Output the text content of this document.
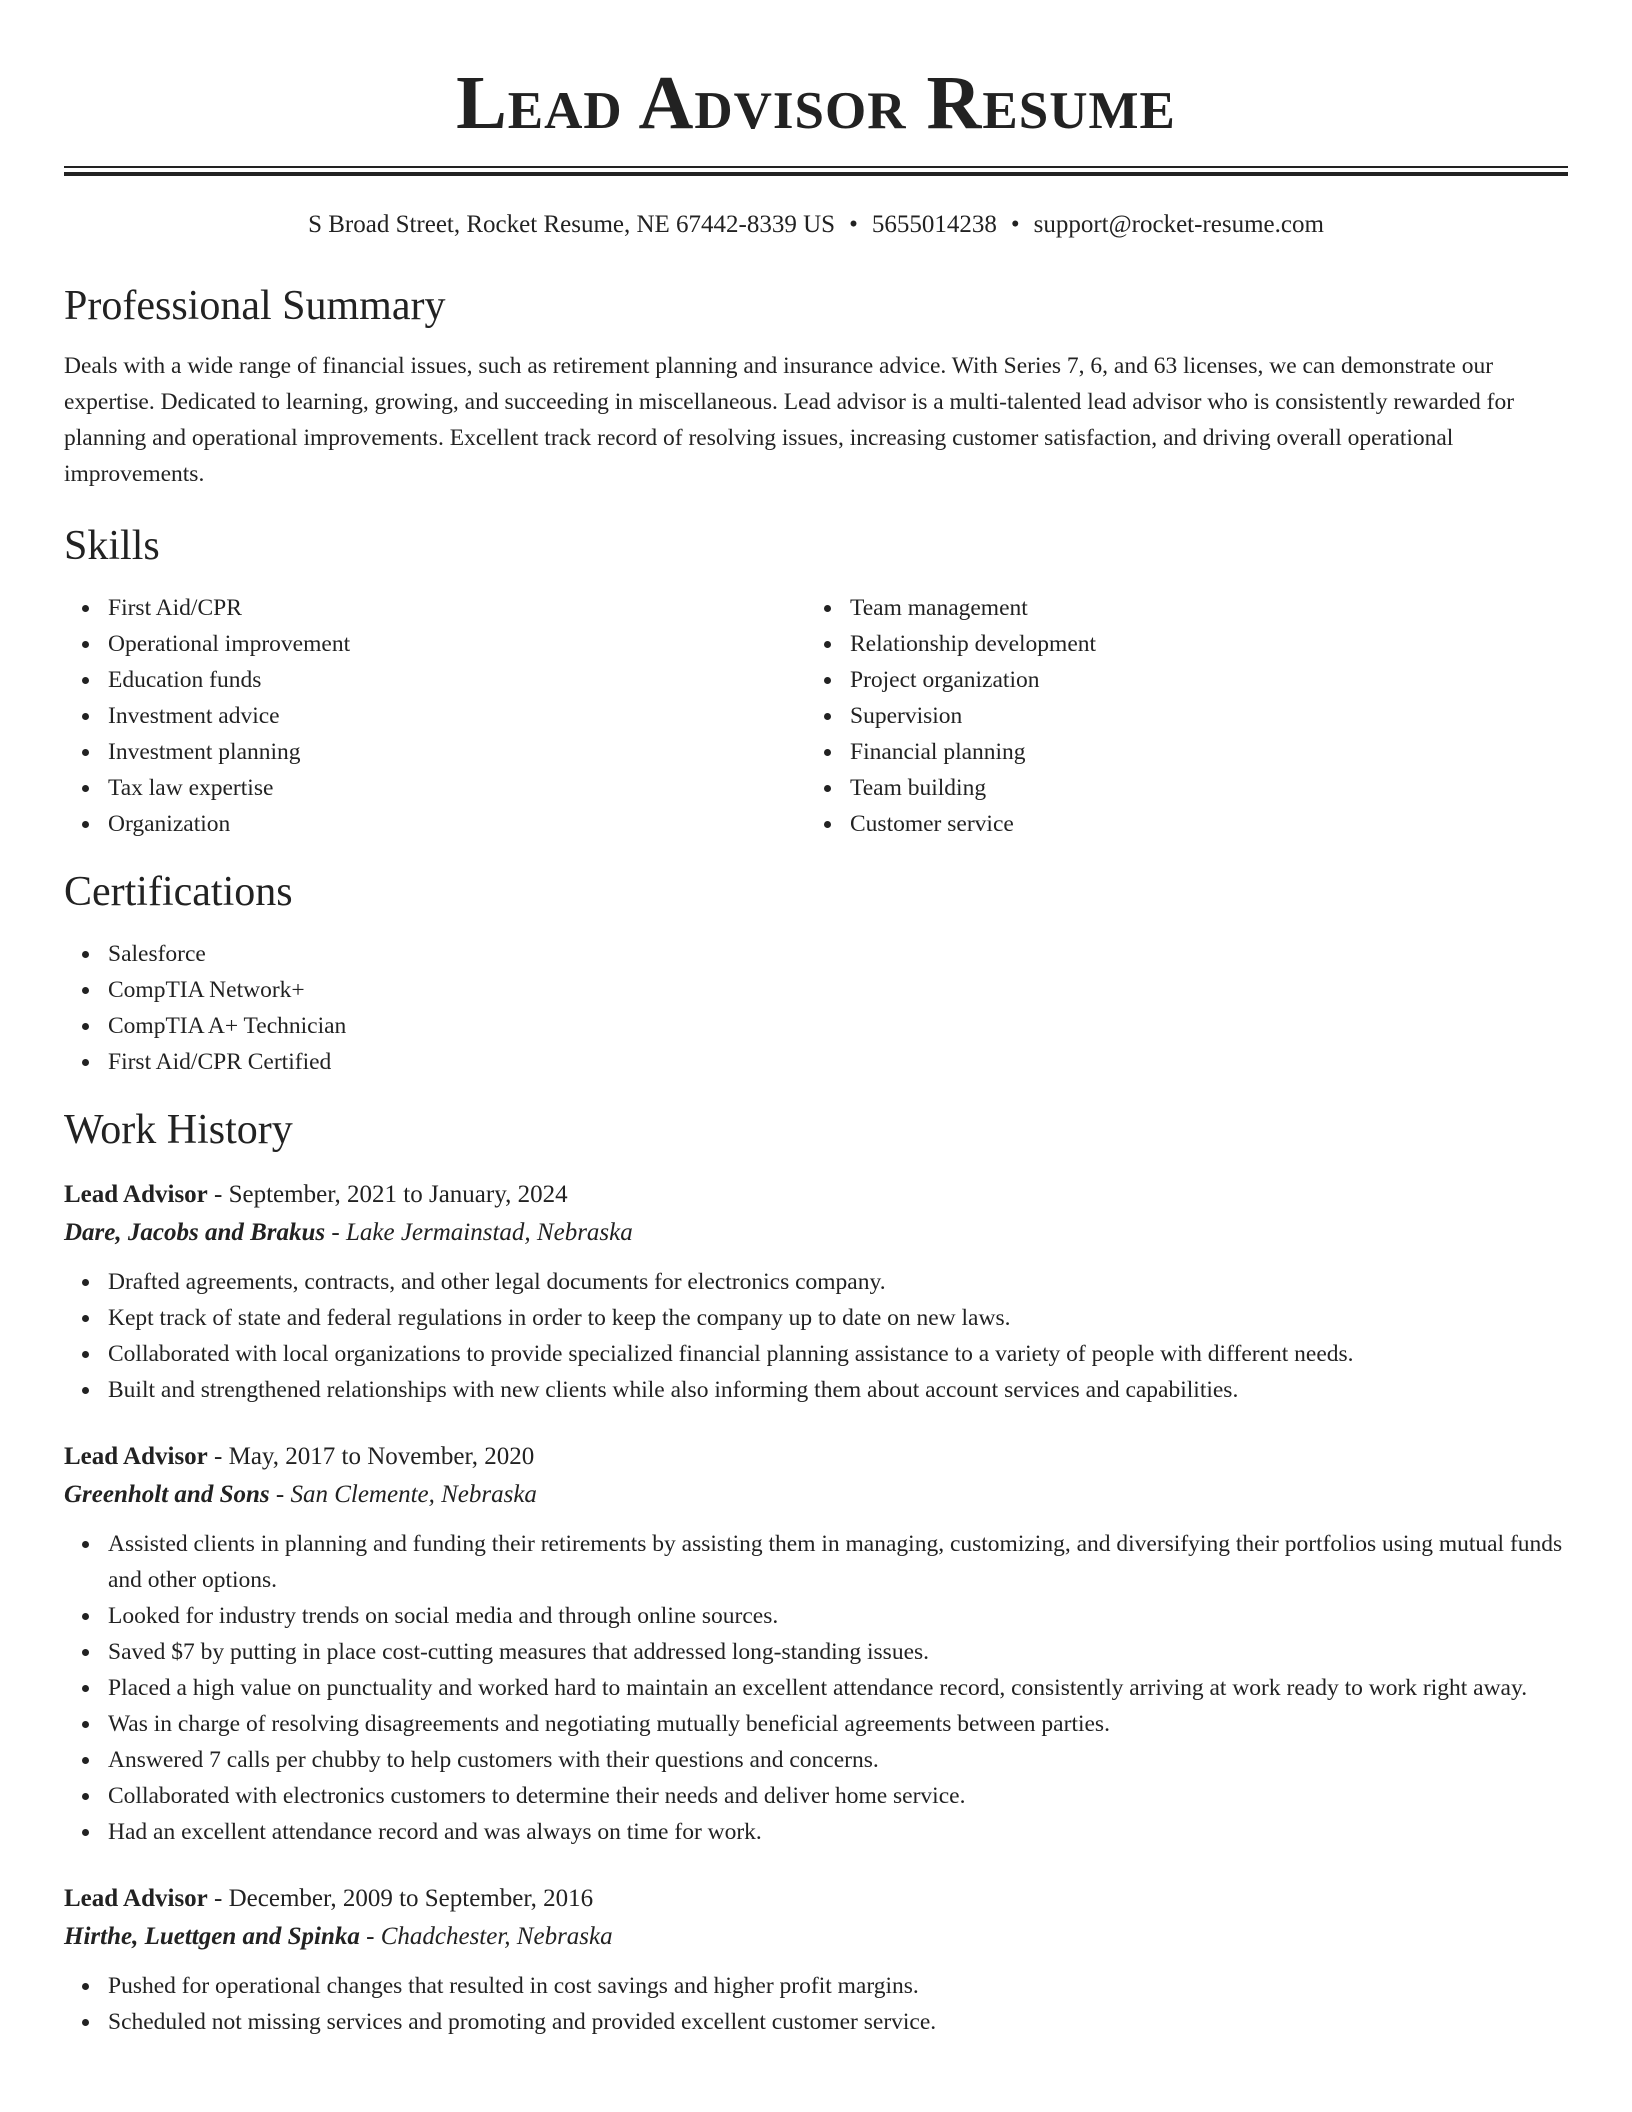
Lead Advisor Resume
S Broad Street, Rocket Resume, NE 67442-8339 US • 5655014238 • support@rocket-resume.com
Professional Summary

Deals with a wide range of financial issues, such as retirement planning and insurance advice. With Series 7, 6, and 63 licenses, we can demonstrate our expertise. Dedicated to learning, growing, and succeeding in miscellaneous. Lead advisor is a multi-talented lead advisor who is consistently rewarded for planning and operational improvements. Excellent track record of resolving issues, increasing customer satisfaction, and driving overall operational improvements.

Skills
First Aid/CPR
Operational improvement
Education funds
Investment advice
Investment planning
Tax law expertise
Organization
Team management
Relationship development
Project organization
Supervision
Financial planning
Team building
Customer service
Certifications
Salesforce
CompTIA Network+
CompTIA A+ Technician
First Aid/CPR Certified
Work History
Lead Advisor - September, 2021 to January, 2024
Dare, Jacobs and Brakus - Lake Jermainstad, Nebraska
Drafted agreements, contracts, and other legal documents for electronics company.
Kept track of state and federal regulations in order to keep the company up to date on new laws.
Collaborated with local organizations to provide specialized financial planning assistance to a variety of people with different needs.
Built and strengthened relationships with new clients while also informing them about account services and capabilities.
Lead Advisor - May, 2017 to November, 2020
Greenholt and Sons - San Clemente, Nebraska
Assisted clients in planning and funding their retirements by assisting them in managing, customizing, and diversifying their portfolios using mutual funds and other options.
Looked for industry trends on social media and through online sources.
Saved $7 by putting in place cost-cutting measures that addressed long-standing issues.
Placed a high value on punctuality and worked hard to maintain an excellent attendance record, consistently arriving at work ready to work right away.
Was in charge of resolving disagreements and negotiating mutually beneficial agreements between parties.
Answered 7 calls per chubby to help customers with their questions and concerns.
Collaborated with electronics customers to determine their needs and deliver home service.
Had an excellent attendance record and was always on time for work.
Lead Advisor - December, 2009 to September, 2016
Hirthe, Luettgen and Spinka - Chadchester, Nebraska
Pushed for operational changes that resulted in cost savings and higher profit margins.
Scheduled not missing services and promoting and provided excellent customer service.
